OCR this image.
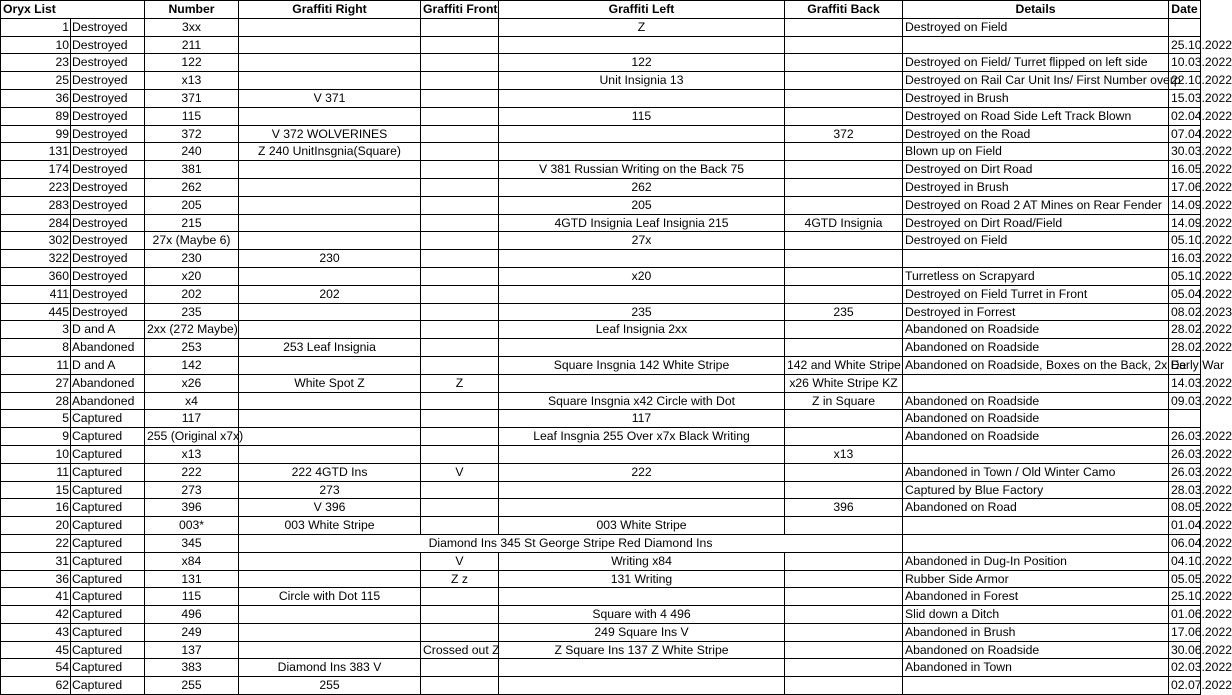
Oryx List		Number	Graffiti Right	Graffiti Front	Graffiti Left	Graffiti Back	Details	Date
1	Destroyed	3xx			Z		Destroyed on Field	
10	Destroyed	211						25.10.2022
23	Destroyed	122			122		Destroyed on Field/ Turret flipped on left side	10.03.2022
25	Destroyed	x13			Unit Insignia 13		Destroyed on Rail Car Unit Ins/ First Number overp	22.10.2022
36	Destroyed	371	V 371				Destroyed in Brush	15.03.2022
89	Destroyed	115			115		Destroyed on Road Side Left Track Blown	02.04.2022
99	Destroyed	372	V 372 WOLVERINES			372	Destroyed on the Road	07.04.2022
131	Destroyed	240	Z 240 UnitInsgnia(Square)				Blown up on Field	30.03.2022
174	Destroyed	381			V 381 Russian Writing on the Back 75		Destroyed on Dirt Road	16.05.2022
223	Destroyed	262			262		Destroyed in Brush	17.06.2022
283	Destroyed	205			205		Destroyed on Road 2 AT Mines on Rear Fender	14.09.2022
284	Destroyed	215			4GTD Insignia Leaf Insignia 215	4GTD Insignia	Destroyed on Dirt Road/Field	14.09.2022
302	Destroyed	27x (Maybe 6)			27x		Destroyed on Field	05.10.2022
322	Destroyed	230	230					16.03.2022
360	Destroyed	x20			x20		Turretless on Scrapyard	05.10.2022
411	Destroyed	202	202				Destroyed on Field Turret in Front	05.04.2022
445	Destroyed	235			235	235	Destroyed in Forrest	08.02.2023
3	D and A	2xx (272 Maybe)			Leaf Insignia 2xx		Abandoned on Roadside	28.02.2022
8	Abandoned	253	253 Leaf Insignia				Abandoned on Roadside	28.02.2022
11	D and A	142			Square Insgnia 142 White Stripe	142 and White Stripe	Abandoned on Roadside, Boxes on the Back, 2x De	Early War
27	Abandoned	x26	White Spot Z	Z		x26 White Stripe KZ		14.03.2022
28	Abandoned	x4			Square Insgnia x42 Circle with Dot	Z in Square	Abandoned on Roadside	09.03.2022
5	Captured	117			117		Abandoned on Roadside	
9	Captured	255 (Original x7x)			Leaf Insgnia 255 Over x7x Black Writing		Abandoned on Roadside	26.03.2022
10	Captured	x13				x13		26.03.2022
11	Captured	222	222 4GTD Ins	V	222		Abandoned in Town / Old Winter Camo	26.03.2022
15	Captured	273	273				Captured by Blue Factory	28.03.2022
16	Captured	396	V 396			396	Abandoned on Road	08.05.2022
20	Captured	003*	003 White Stripe		003 White Stripe			01.04.2022
22	Captured	345	Diamond Ins 345 St George Stripe Red Diamond Ins					06.04.2022
31	Captured	x84		V	Writing x84		Abandoned in Dug-In Position	04.10.2022
36	Captured	131		Z z	131 Writing		Rubber Side Armor	05.05.2022
41	Captured	115	Circle with Dot 115				Abandoned in Forest	25.10.2022
42	Captured	496			Square with 4 496		Slid down a Ditch	01.06.2022
43	Captured	249			249 Square Ins V		Abandoned in Brush	17.06.2022
45	Captured	137		Crossed out Z	Z Square Ins 137 Z White Stripe		Abandoned on Roadside	30.06.2022
54	Captured	383	Diamond Ins 383 V				Abandoned in Town	02.03.2022
62	Captured	255	255					02.07.2022
